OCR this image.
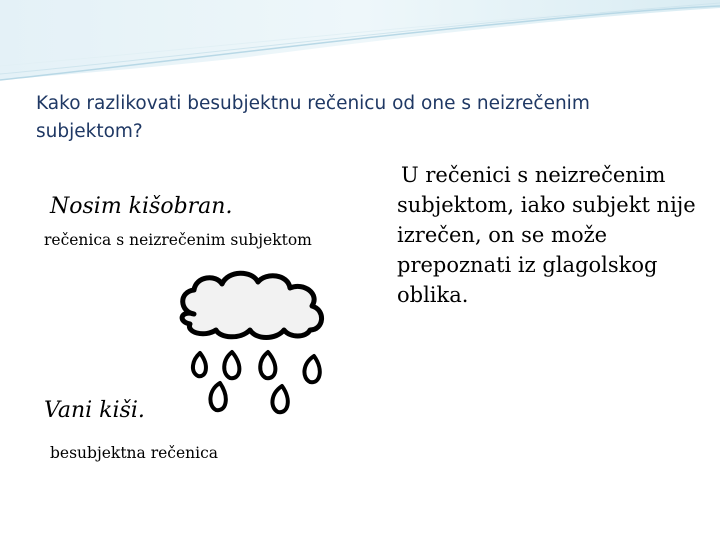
Kako razlikovati besubjektnu rečenicu od one s neizrečenim subjektom?

Nosim kišobran.

rečenica s neizrečenim subjektom

Vani kiši.

besubjektna rečenica

U rečenici s neizrečenim subjektom, iako subjekt nije izrečen, on se može prepoznati iz glagolskog oblika.
